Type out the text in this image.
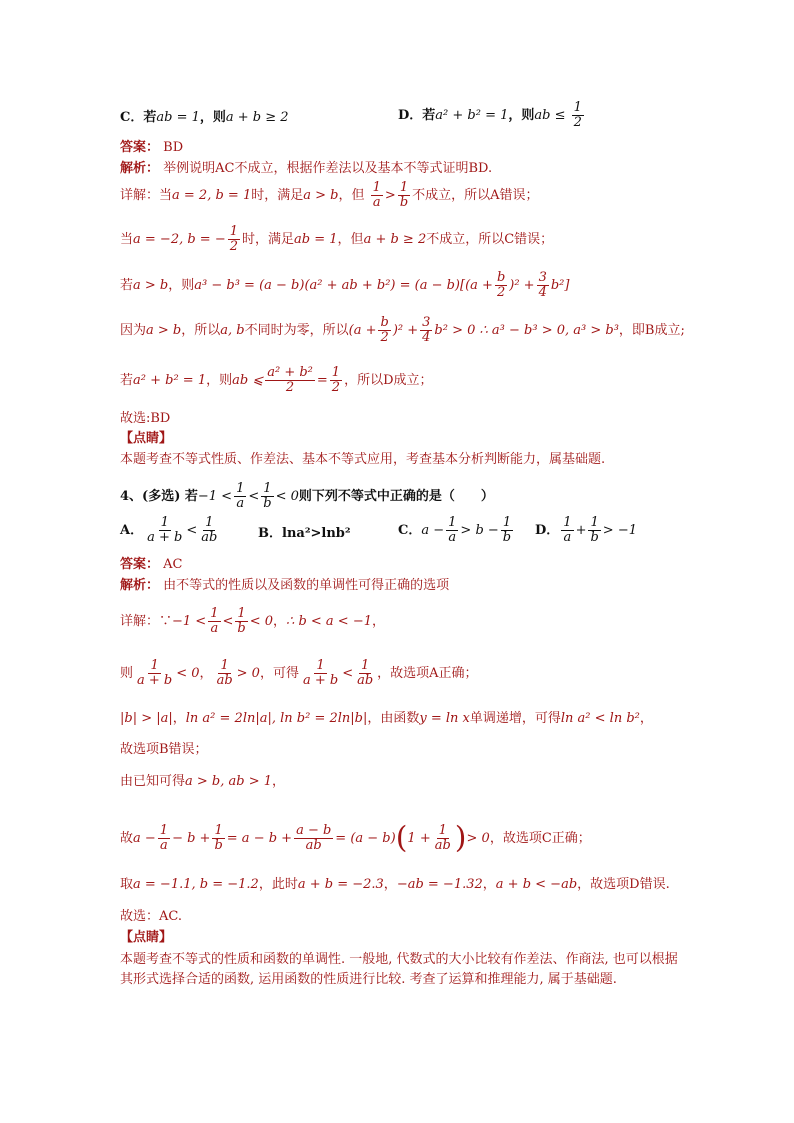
C．若ab = 1，则a + b ≥ 2	D．若a² + b² = 1，则ab ≤ $\frac{1}{2}$
答案： BD
解析： 举例说明AC不成立，根据作差法以及基本不等式证明BD.
详解：当a = 2, b = 1时，满足a > b，但 $\frac{1}{a} > \frac{1}{b}$ 不成立，所以A错误；
当a = −2, b = − $\frac{1}{2}$ 时，满足ab = 1，但a + b ≥ 2不成立，所以C错误；
若a > b，则a³ − b³ = (a − b)(a² + ab + $b^2) = (a - b)[(a + \frac{b}{2} )^2 + \frac{3}{4} b^2]$
因为a > b，所以a, b不同时为零，所以$(a + \frac{b}{2} )^2 + \frac{3}{4} b^2 > 0$ ∴ a³ − b³ > 0, a³ > b³，即B成立;
若a² + b² = 1，则ab ⩽ $\frac{\text{a² + b²}}{2} = \frac{1}{2}$ ，所以D成立；
故选:BD
【点睛】
本题考查不等式性质、作差法、基本不等式应用，考查基本分析判断能力，属基础题.
4、(多选) 若$-1 < \frac{1}{a} < \frac{1}{b} < 0$则下列不等式中正确的是（　　）
A． $\frac{1}{a + b} < \frac{1}{ab}$	B．lna²>lnb²	C．$a - \frac{1}{a} > b - \frac{1}{b}$ D． $\frac{1}{a} + \frac{1}{b} > -1$
答案： AC
解析： 由不等式的性质以及函数的单调性可得正确的选项
详解：∵−1 < $\frac{1}{a} < \frac{1}{b} < 0$，∴ b < a < −1，
则 $\frac{1}{a + b} < 0$， $\frac{1}{ab} > 0$，可得 $\frac{1}{a + b} < \frac{1}{ab}$ ，故选项A正确；
|b| > |a|，ln a² = 2ln|a|, ln b² = 2ln|b|，由函数y = ln x单调递增，可得ln a² < ln b²，
故选项B错误；
由已知可得a > b, ab > 1，
故$a - \frac{1}{a} - b + \frac{1}{b} = a - b + \frac{a - b}{ab} = (a - b)(1 + \frac{1}{ab}$ )> 0，故选项C正确；
取a = −1.1, b = −1.2，此时a + b = −2.3，−ab = −1.32，a + b < −ab，故选项D错误.
故选：AC.
【点睛】
本题考查不等式的性质和函数的单调性. 一般地, 代数式的大小比较有作差法、作商法, 也可以根据其形式选择合适的函数, 运用函数的性质进行比较. 考查了运算和推理能力, 属于基础题.
